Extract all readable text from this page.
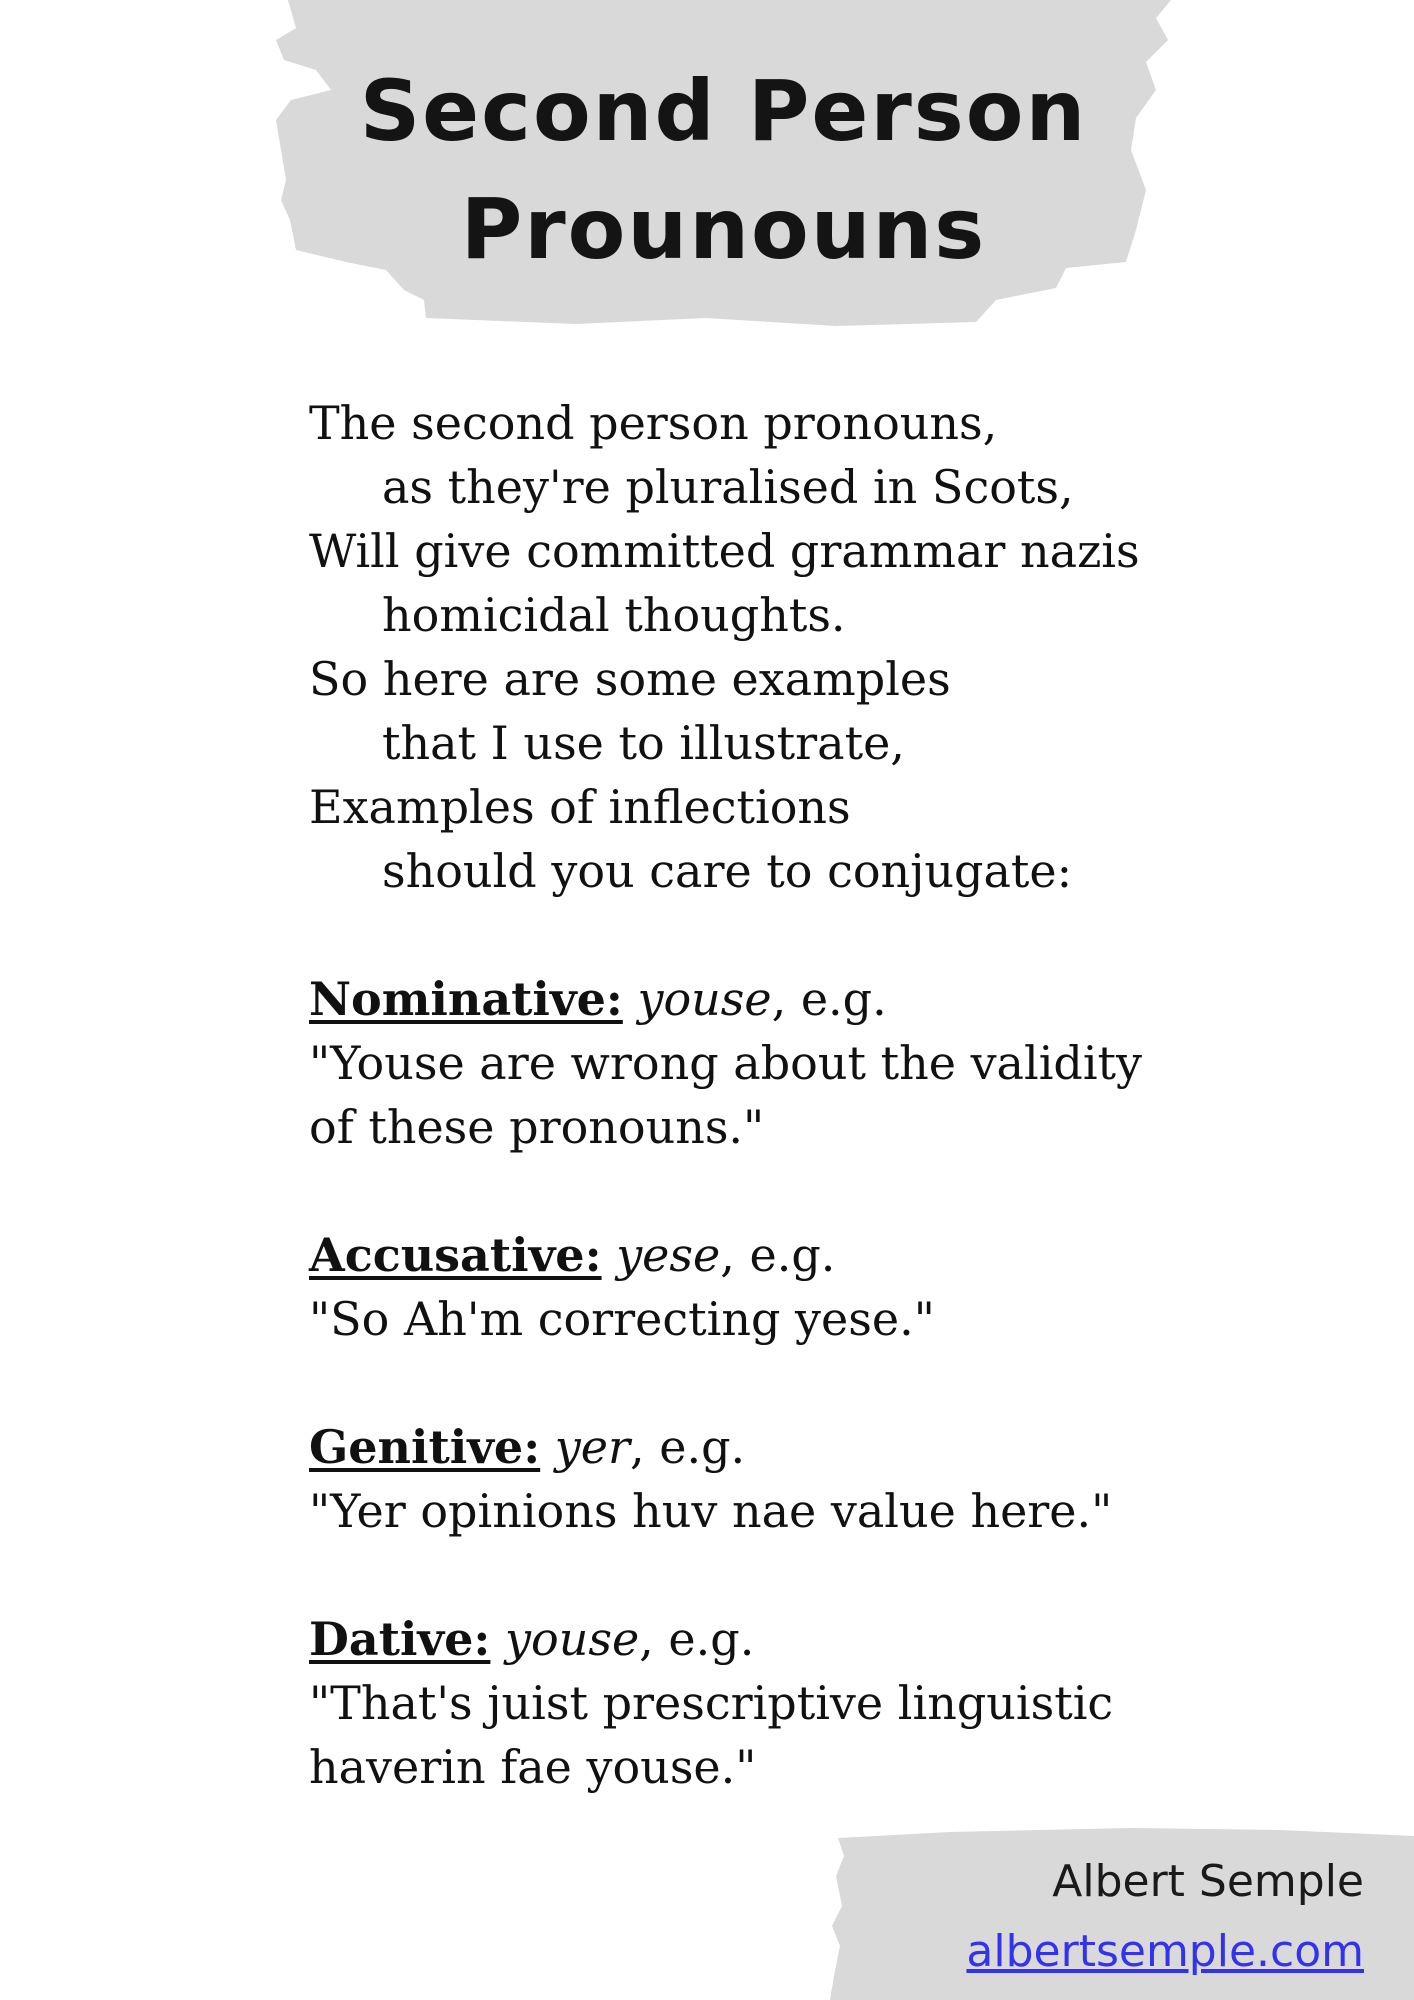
Second Person
Prounouns
The second person pronouns,
as they're pluralised in Scots,
Will give committed grammar nazis
homicidal thoughts.
So here are some examples
that I use to illustrate,
Examples of inflections
should you care to conjugate:
Nominative: youse, e.g.
"Youse are wrong about the validity
of these pronouns."
Accusative: yese, e.g.
"So Ah'm correcting yese."
Genitive: yer, e.g.
"Yer opinions huv nae value here."
Dative: youse, e.g.
"That's juist prescriptive linguistic
haverin fae youse."
Albert Semple
albertsemple.com
